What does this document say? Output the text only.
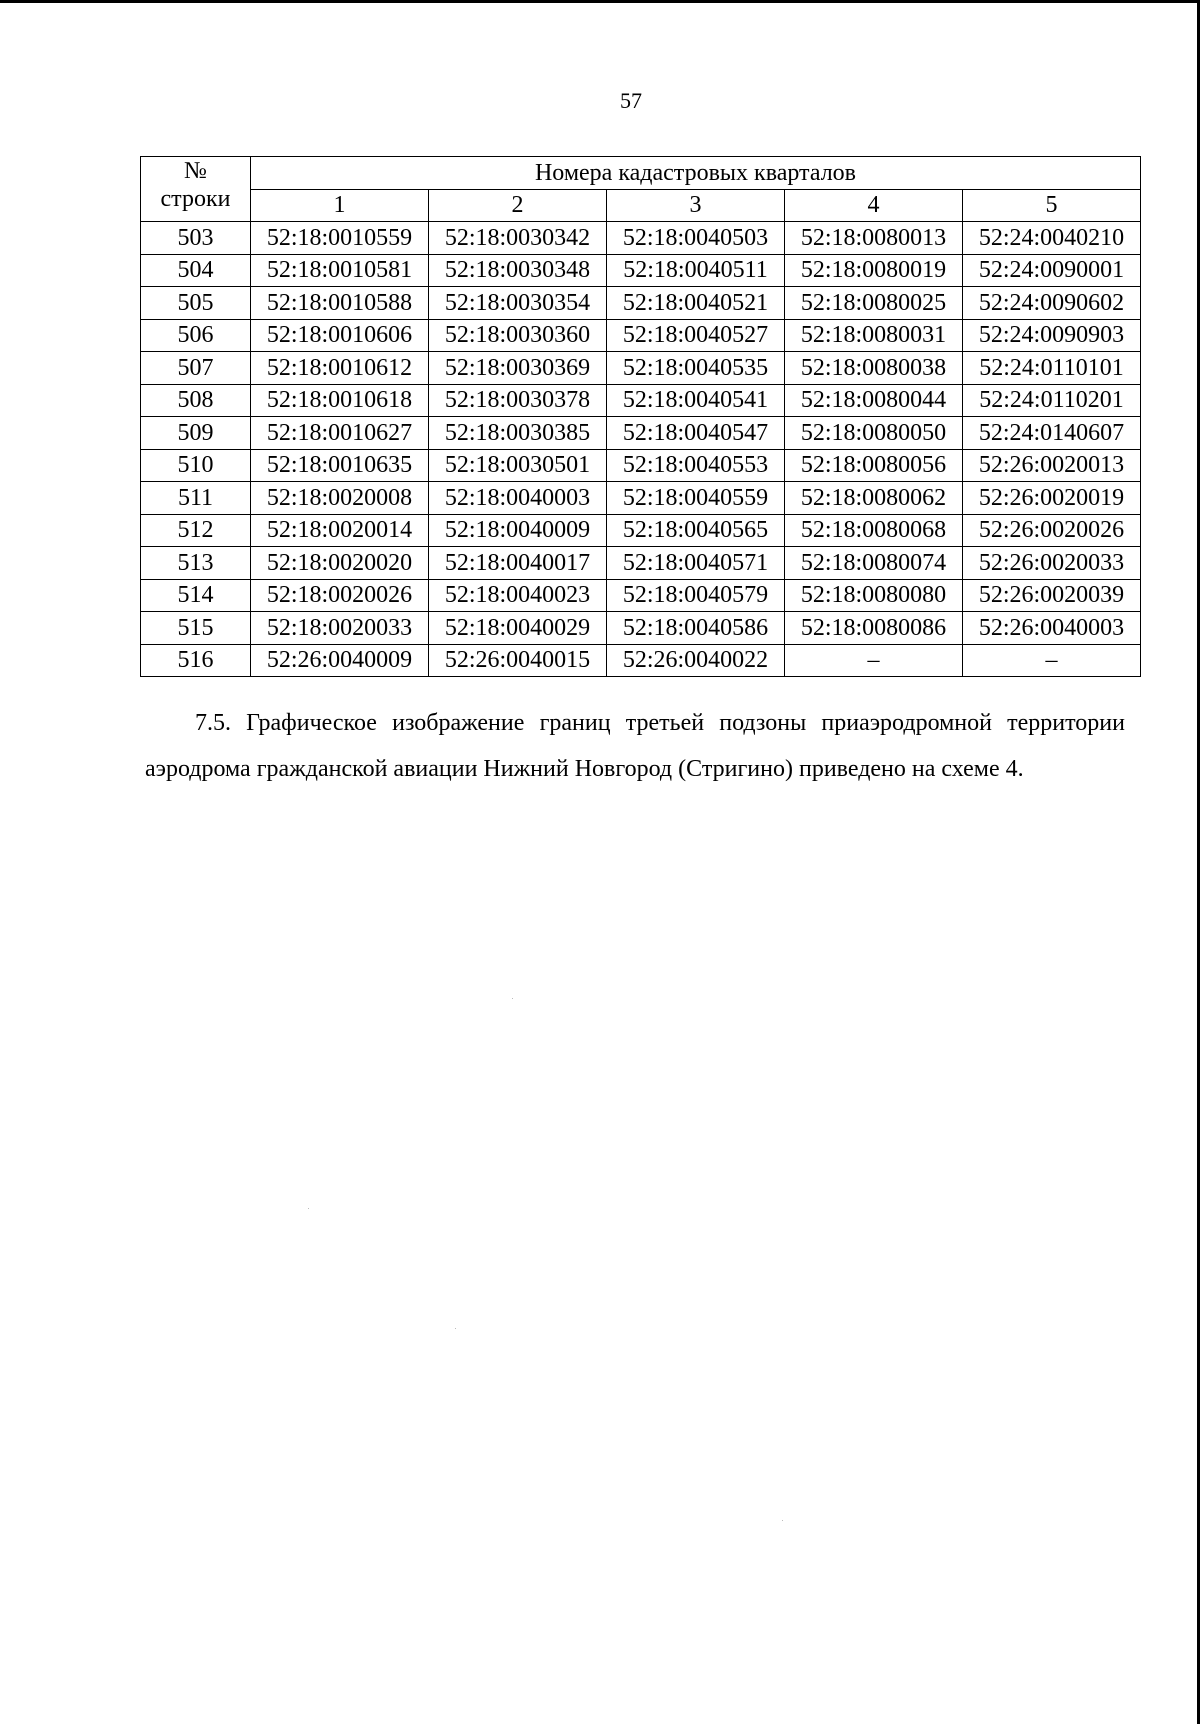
57
№
строки	Номера кадастровых кварталов				
	1	2	3	4	5
503	52:18:0010559	52:18:0030342	52:18:0040503	52:18:0080013	52:24:0040210
504	52:18:0010581	52:18:0030348	52:18:0040511	52:18:0080019	52:24:0090001
505	52:18:0010588	52:18:0030354	52:18:0040521	52:18:0080025	52:24:0090602
506	52:18:0010606	52:18:0030360	52:18:0040527	52:18:0080031	52:24:0090903
507	52:18:0010612	52:18:0030369	52:18:0040535	52:18:0080038	52:24:0110101
508	52:18:0010618	52:18:0030378	52:18:0040541	52:18:0080044	52:24:0110201
509	52:18:0010627	52:18:0030385	52:18:0040547	52:18:0080050	52:24:0140607
510	52:18:0010635	52:18:0030501	52:18:0040553	52:18:0080056	52:26:0020013
511	52:18:0020008	52:18:0040003	52:18:0040559	52:18:0080062	52:26:0020019
512	52:18:0020014	52:18:0040009	52:18:0040565	52:18:0080068	52:26:0020026
513	52:18:0020020	52:18:0040017	52:18:0040571	52:18:0080074	52:26:0020033
514	52:18:0020026	52:18:0040023	52:18:0040579	52:18:0080080	52:26:0020039
515	52:18:0020033	52:18:0040029	52:18:0040586	52:18:0080086	52:26:0040003
516	52:26:0040009	52:26:0040015	52:26:0040022	–	–
7.5. Графическое изображение границ третьей подзоны приаэродромной территории аэродрома гражданской авиации Нижний Новгород (Стригино) приведено на схеме 4.
